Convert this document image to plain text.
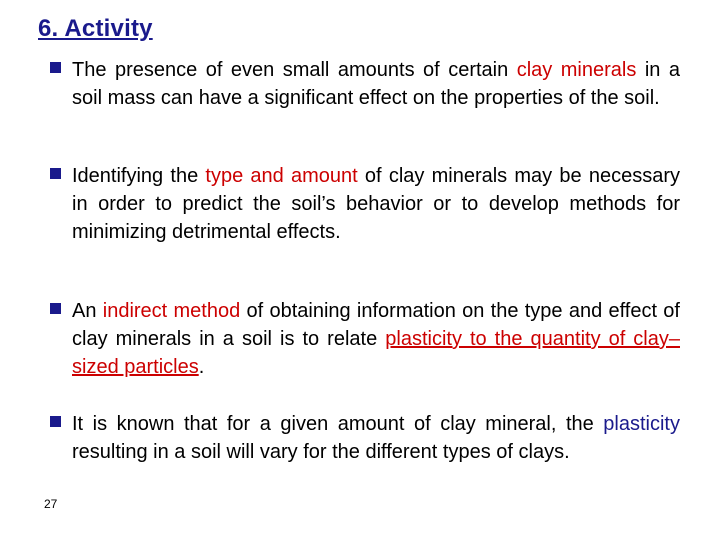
6. Activity
The presence of even small amounts of certain clay minerals in a soil mass can have a significant effect on the properties of the soil.
Identifying the type and amount of clay minerals may be necessary in order to predict the soil’s behavior or to develop methods for minimizing detrimental effects.
An indirect method of obtaining information on the type and effect of clay minerals in a soil is to relate plasticity to the quantity of clay–sized particles.
It is known that for a given amount of clay mineral, the plasticity resulting in a soil will vary for the different types of clays.
27
